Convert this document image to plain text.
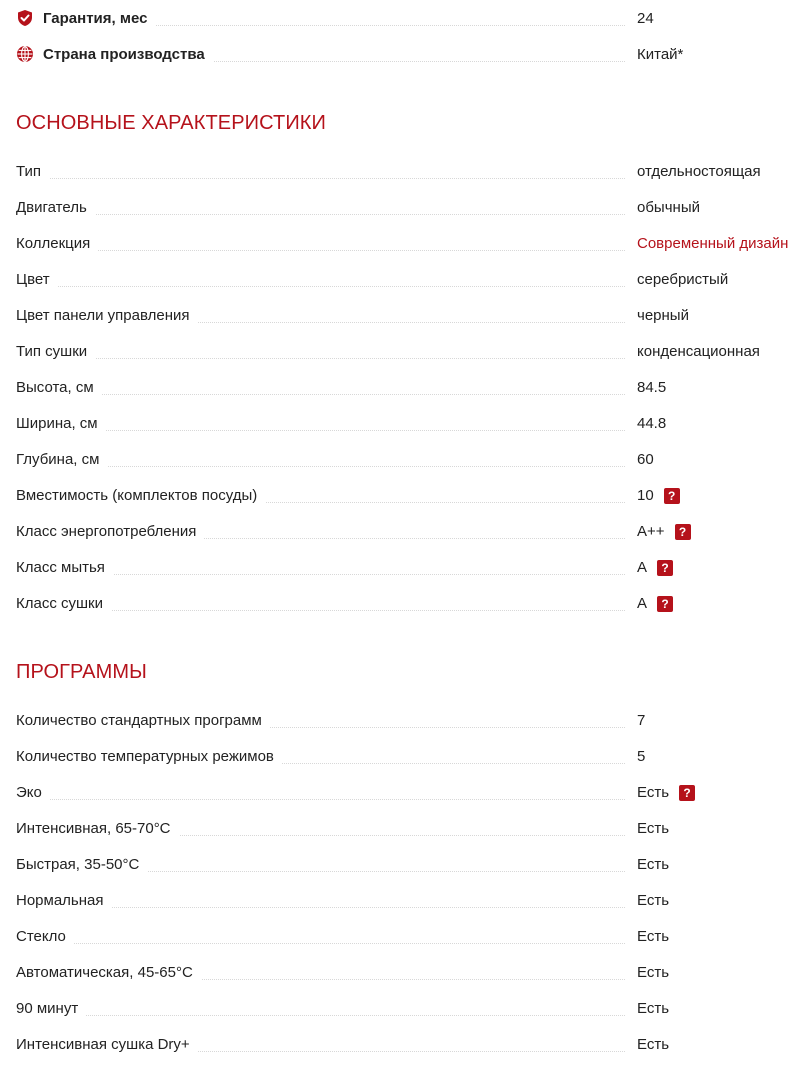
Гарантия, мес	24
Страна производства	Китай*
ОСНОВНЫЕ ХАРАКТЕРИСТИКИ
Тип	отдельностоящая
Двигатель	обычный
Коллекция	Современный дизайн
Цвет	серебристый
Цвет панели управления	черный
Тип сушки	конденсационная
Высота, см	84.5
Ширина, см	44.8
Глубина, см	60
Вместимость (комплектов посуды)	10	?
Класс энергопотребления	A++	?
Класс мытья	A	?
Класс сушки	A	?
ПРОГРАММЫ
Количество стандартных программ	7
Количество температурных режимов	5
Эко	Есть	?
Интенсивная, 65-70°С	Есть
Быстрая, 35-50°С	Есть
Нормальная	Есть
Стекло	Есть
Автоматическая, 45-65°С	Есть
90 минут	Есть
Интенсивная сушка Dry+	Есть
